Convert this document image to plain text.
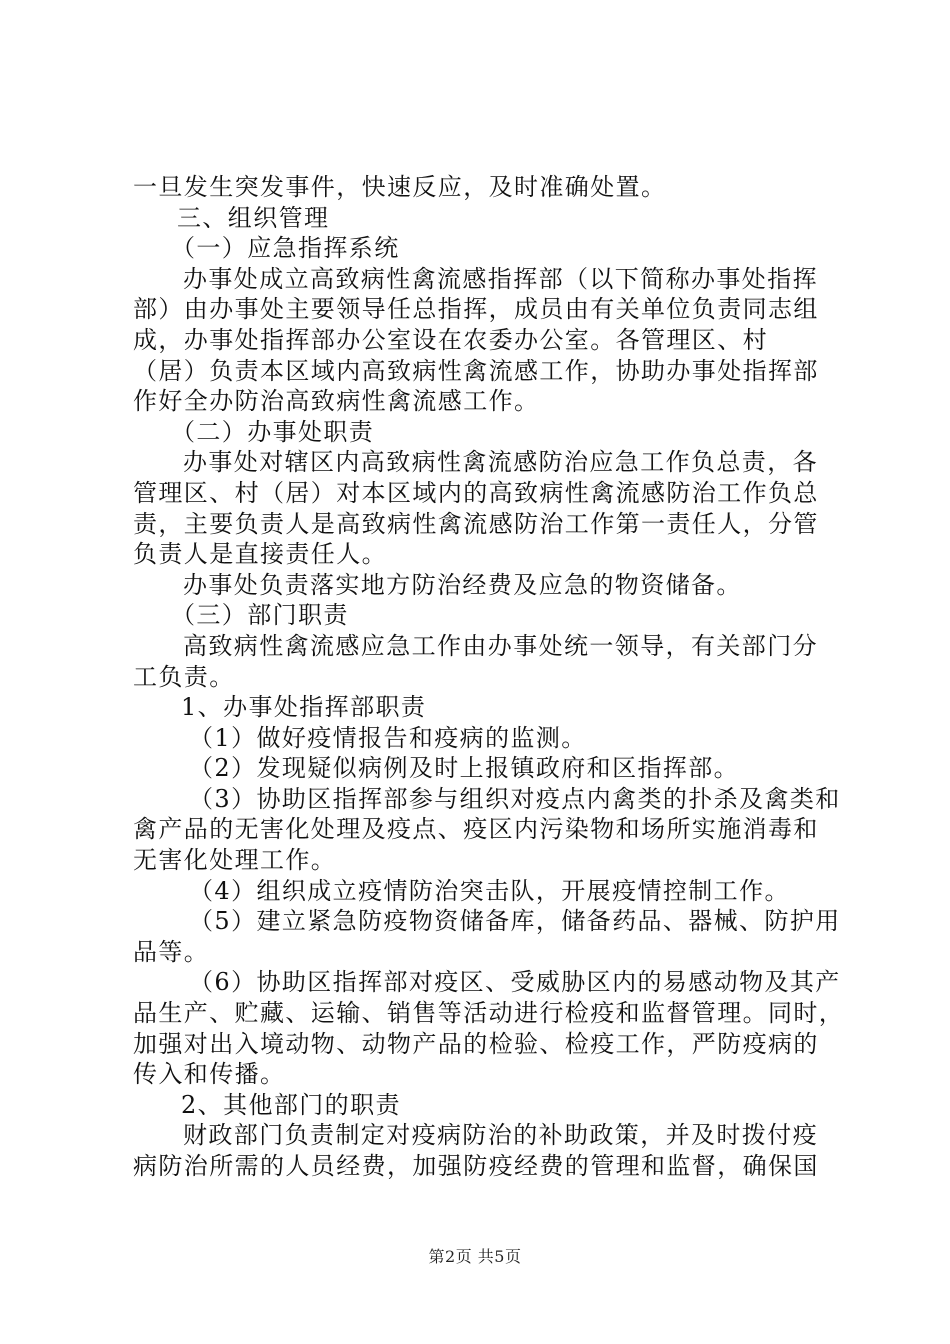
一旦发生突发事件，快速反应，及时准确处置。

三、组织管理

（一）应急指挥系统

办事处成立高致病性禽流感指挥部（以下简称办事处指挥

部）由办事处主要领导任总指挥，成员由有关单位负责同志组

成，办事处指挥部办公室设在农委办公室。各管理区、村

（居）负责本区域内高致病性禽流感工作，协助办事处指挥部

作好全办防治高致病性禽流感工作。

（二）办事处职责

办事处对辖区内高致病性禽流感防治应急工作负总责，各

管理区、村（居）对本区域内的高致病性禽流感防治工作负总

责，主要负责人是高致病性禽流感防治工作第一责任人，分管

负责人是直接责任人。

办事处负责落实地方防治经费及应急的物资储备。

（三）部门职责

高致病性禽流感应急工作由办事处统一领导，有关部门分

工负责。

1、办事处指挥部职责

（1）做好疫情报告和疫病的监测。

（2）发现疑似病例及时上报镇政府和区指挥部。

（3）协助区指挥部参与组织对疫点内禽类的扑杀及禽类和

禽产品的无害化处理及疫点、疫区内污染物和场所实施消毒和

无害化处理工作。

（4）组织成立疫情防治突击队，开展疫情控制工作。

（5）建立紧急防疫物资储备库，储备药品、器械、防护用

品等。

（6）协助区指挥部对疫区、受威胁区内的易感动物及其产

品生产、贮藏、运输、销售等活动进行检疫和监督管理。同时，

加强对出入境动物、动物产品的检验、检疫工作，严防疫病的

传入和传播。

2、其他部门的职责

财政部门负责制定对疫病防治的补助政策，并及时拨付疫

病防治所需的人员经费，加强防疫经费的管理和监督，确保国

第2页 共5页
